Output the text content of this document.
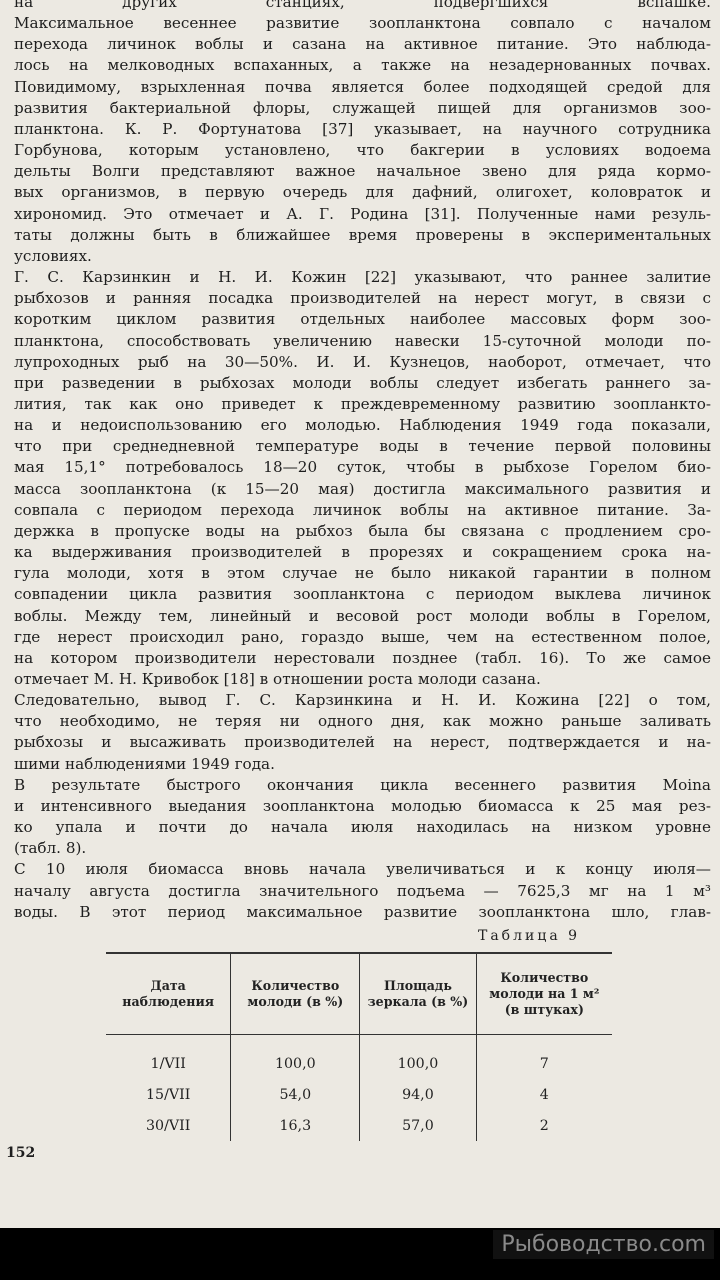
на других станциях, подвергшихся вспашке.
Максимальное весеннее развитие зоопланктона совпало с началом
перехода личинок воблы и сазана на активное питание. Это наблюда-
лось на мелководных вспаханных, а также на незадернованных почвах.
Повидимому, взрыхленная почва является более подходящей средой для
развития бактериальной флоры, служащей пищей для организмов зоо-
планктона. К. Р. Фортунатова [37] указывает, на научного сотрудника
Горбунова, которым установлено, что бакгерии в условиях водоема
дельты Волги представляют важное начальное звено для ряда кормо-
вых организмов, в первую очередь для дафний, олигохет, коловраток и
хирономид. Это отмечает и А. Г. Родина [31]. Полученные нами резуль-
таты должны быть в ближайшее время проверены в экспериментальных
условиях.
Г. С. Карзинкин и Н. И. Кожин [22] указывают, что раннее залитие
рыбхозов и ранняя посадка производителей на нерест могут, в связи с
коротким циклом развития отдельных наиболее массовых форм зоо-
планктона, способствовать увеличению навески 15-суточной молоди по-
лупроходных рыб на 30—50%. И. И. Кузнецов, наоборот, отмечает, что
при разведении в рыбхозах молоди воблы следует избегать раннего за-
лития, так как оно приведет к преждевременному развитию зоопланкто-
на и недоиспользованию его молодью. Наблюдения 1949 года показали,
что при среднедневной температуре воды в течение первой половины
мая 15,1° потребовалось 18—20 суток, чтобы в рыбхозе Горелом био-
масса зоопланктона (к 15—20 мая) достигла максимального развития и
совпала с периодом перехода личинок воблы на активное питание. За-
держка в пропуске воды на рыбхоз была бы связана с продлением сро-
ка выдерживания производителей в прорезях и сокращением срока на-
гула молоди, хотя в этом случае не было никакой гарантии в полном
совпадении цикла развития зоопланктона с периодом выклева личинок
воблы. Между тем, линейный и весовой рост молоди воблы в Горелом,
где нерест происходил рано, гораздо выше, чем на естественном полое,
на котором производители нерестовали позднее (табл. 16). То же самое
отмечает М. Н. Кривобок [18] в отношении роста молоди сазана.
Следовательно, вывод Г. С. Карзинкина и Н. И. Кожина [22] о том,
что необходимо, не теряя ни одного дня, как можно раньше заливать
рыбхозы и высаживать производителей на нерест, подтверждается и на-
шими наблюдениями 1949 года.
В результате быстрого окончания цикла весеннего развития Moina
и интенсивного выедания зоопланктона молодью биомасса к 25 мая рез-
ко упала и почти до начала июля находилась на низком уровне
(табл. 8).
С 10 июля биомасса вновь начала увеличиваться и к концу июля—
началу августа достигла значительного подъема — 7625,3 мг на 1 м³
воды. В этот период максимальное развитие зоопланктона шло, глав-
Таблица 9
Дата наблюдения	Количество молоди (в %)	Площадь зеркала (в %)	Количество молоди на 1 м² (в штуках)
1/VII	100,0	100,0	7
15/VII	54,0	94,0	4
30/VII	16,3	57,0	2
152
Рыбоводство.com
